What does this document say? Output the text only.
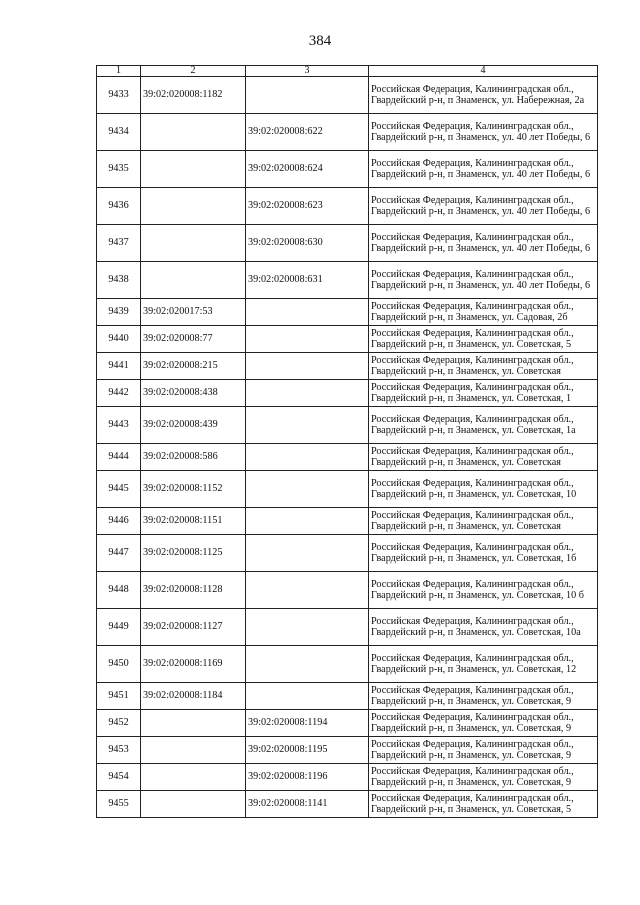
384
1	2	3	4
9433	39:02:020008:1182		Российская Федерация, Калининградская обл., Гвардейский р-н, п Знаменск, ул. Набережная, 2а
9434		39:02:020008:622	Российская Федерация, Калининградская обл., Гвардейский р-н, п Знаменск, ул. 40 лет Победы, 6
9435		39:02:020008:624	Российская Федерация, Калининградская обл., Гвардейский р-н, п Знаменск, ул. 40 лет Победы, 6
9436		39:02:020008:623	Российская Федерация, Калининградская обл., Гвардейский р-н, п Знаменск, ул. 40 лет Победы, 6
9437		39:02:020008:630	Российская Федерация, Калининградская обл., Гвардейский р-н, п Знаменск, ул. 40 лет Победы, 6
9438		39:02:020008:631	Российская Федерация, Калининградская обл., Гвардейский р-н, п Знаменск, ул. 40 лет Победы, 6
9439	39:02:020017:53		Российская Федерация, Калининградская обл., Гвардейский р-н, п Знаменск, ул. Садовая, 2б
9440	39:02:020008:77		Российская Федерация, Калининградская обл., Гвардейский р-н, п Знаменск, ул. Советская, 5
9441	39:02:020008:215		Российская Федерация, Калининградская обл., Гвардейский р-н, п Знаменск, ул. Советская
9442	39:02:020008:438		Российская Федерация, Калининградская обл., Гвардейский р-н, п Знаменск, ул. Советская, 1
9443	39:02:020008:439		Российская Федерация, Калининградская обл., Гвардейский р-н, п Знаменск, ул. Советская, 1а
9444	39:02:020008:586		Российская Федерация, Калининградская обл., Гвардейский р-н, п Знаменск, ул. Советская
9445	39:02:020008:1152		Российская Федерация, Калининградская обл., Гвардейский р-н, п Знаменск, ул. Советская, 10
9446	39:02:020008:1151		Российская Федерация, Калининградская обл., Гвардейский р-н, п Знаменск, ул. Советская
9447	39:02:020008:1125		Российская Федерация, Калининградская обл., Гвардейский р-н, п Знаменск, ул. Советская, 1б
9448	39:02:020008:1128		Российская Федерация, Калининградская обл., Гвардейский р-н, п Знаменск, ул. Советская, 10 б
9449	39:02:020008:1127		Российская Федерация, Калининградская обл., Гвардейский р-н, п Знаменск, ул. Советская, 10а
9450	39:02:020008:1169		Российская Федерация, Калининградская обл., Гвардейский р-н, п Знаменск, ул. Советская, 12
9451	39:02:020008:1184		Российская Федерация, Калининградская обл., Гвардейский р-н, п Знаменск, ул. Советская, 9
9452		39:02:020008:1194	Российская Федерация, Калининградская обл., Гвардейский р-н, п Знаменск, ул. Советская, 9
9453		39:02:020008:1195	Российская Федерация, Калининградская обл., Гвардейский р-н, п Знаменск, ул. Советская, 9
9454		39:02:020008:1196	Российская Федерация, Калининградская обл., Гвардейский р-н, п Знаменск, ул. Советская, 9
9455		39:02:020008:1141	Российская Федерация, Калининградская обл., Гвардейский р-н, п Знаменск, ул. Советская, 5
